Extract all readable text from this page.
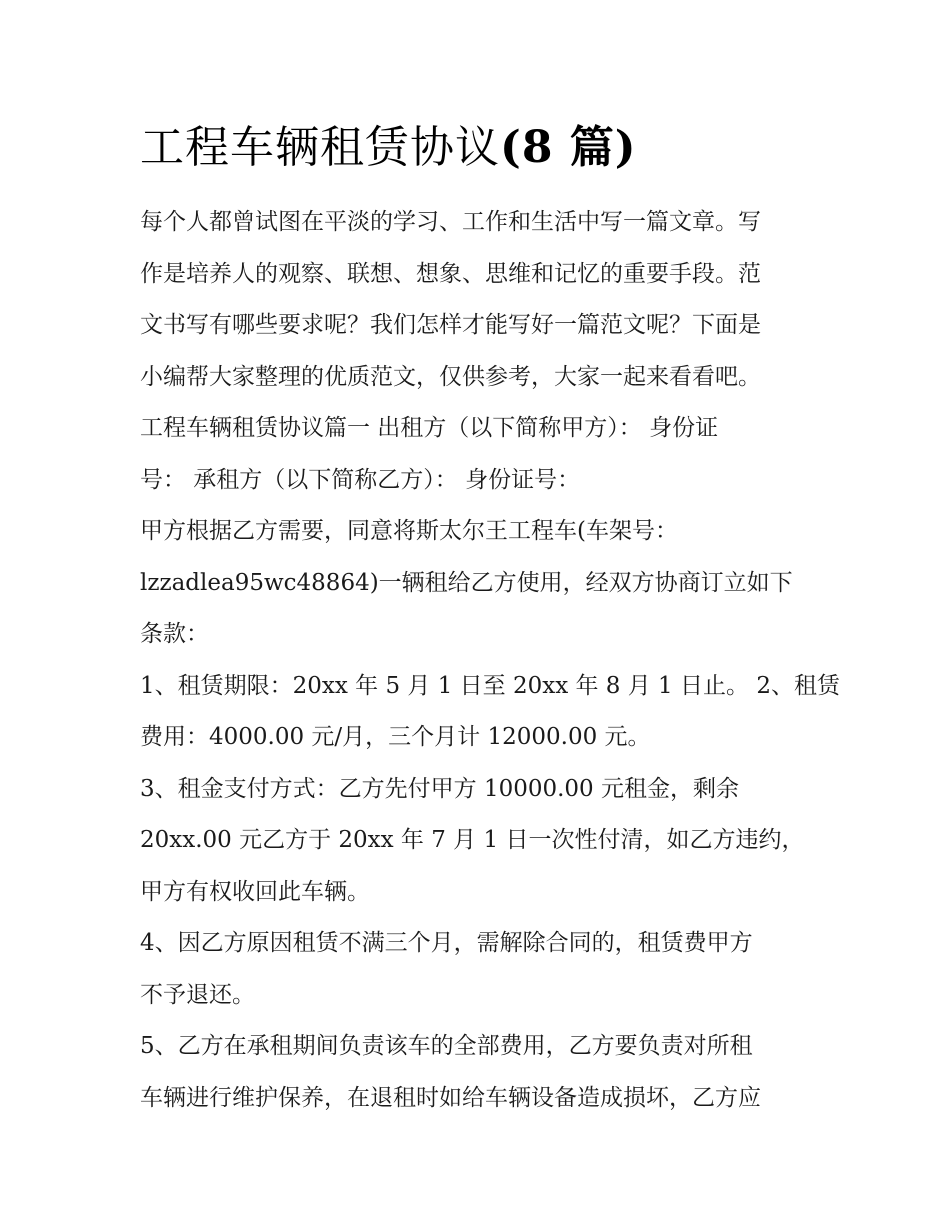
工程车辆租赁协议(8 篇)
每个人都曾试图在平淡的学习、工作和生活中写一篇文章。写
作是培养人的观察、联想、想象、思维和记忆的重要手段。范
文书写有哪些要求呢？我们怎样才能写好一篇范文呢？下面是
小编帮大家整理的优质范文，仅供参考，大家一起来看看吧。
工程车辆租赁协议篇一 出租方（以下简称甲方）： 身份证
号： 承租方（以下简称乙方）： 身份证号：
甲方根据乙方需要，同意将斯太尔王工程车(车架号：
lzzadlea95wc48864)一辆租给乙方使用，经双方协商订立如下
条款：
1、租赁期限：20xx 年 5 月 1 日至 20xx 年 8 月 1 日止。 2、租赁
费用：4000.00 元/月，三个月计 12000.00 元。
3、租金支付方式：乙方先付甲方 10000.00 元租金，剩余
20xx.00 元乙方于 20xx 年 7 月 1 日一次性付清，如乙方违约，
甲方有权收回此车辆。
4、因乙方原因租赁不满三个月，需解除合同的，租赁费甲方
不予退还。
5、乙方在承租期间负责该车的全部费用，乙方要负责对所租
车辆进行维护保养，在退租时如给车辆设备造成损坏，乙方应
